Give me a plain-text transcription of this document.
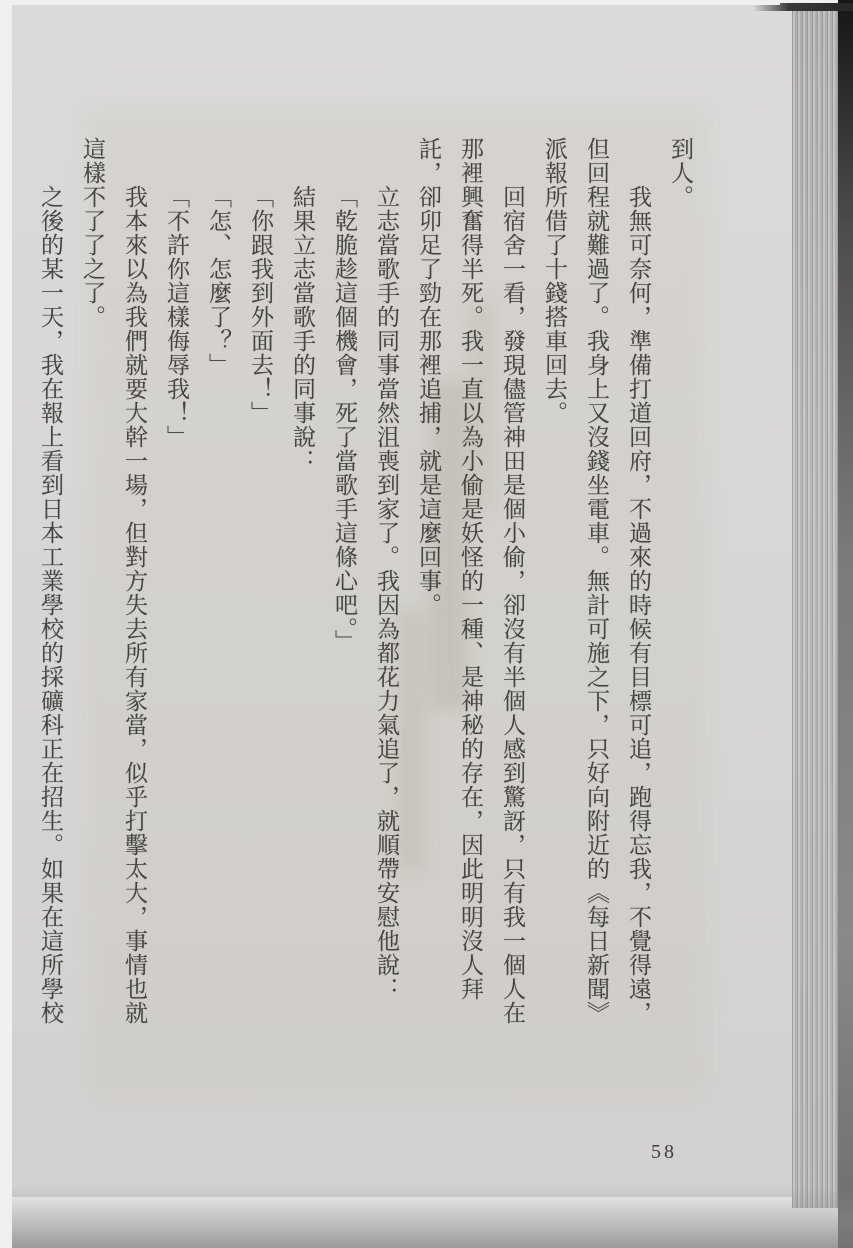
到人。
我無可奈何，準備打道回府，不過來的時候有目標可追，跑得忘我，不覺得遠，
但回程就難過了。我身上又沒錢坐電車。無計可施之下，只好向附近的《每日新聞》
派報所借了十錢搭車回去。
回宿舍一看，發現儘管神田是個小偷，卻沒有半個人感到驚訝，只有我一個人在
那裡興奮得半死。我一直以為小偷是妖怪的一種、是神秘的存在，因此明明沒人拜
託，卻卯足了勁在那裡追捕，就是這麼回事。
立志當歌手的同事當然沮喪到家了。我因為都花力氣追了，就順帶安慰他說：
「乾脆趁這個機會，死了當歌手這條心吧。」
結果立志當歌手的同事說：
「你跟我到外面去！」
「怎、怎麼了？」
「不許你這樣侮辱我！」
我本來以為我們就要大幹一場，但對方失去所有家當，似乎打擊太大，事情也就
這樣不了了之了。
之後的某一天，我在報上看到日本工業學校的採礦科正在招生。如果在這所學校
58
